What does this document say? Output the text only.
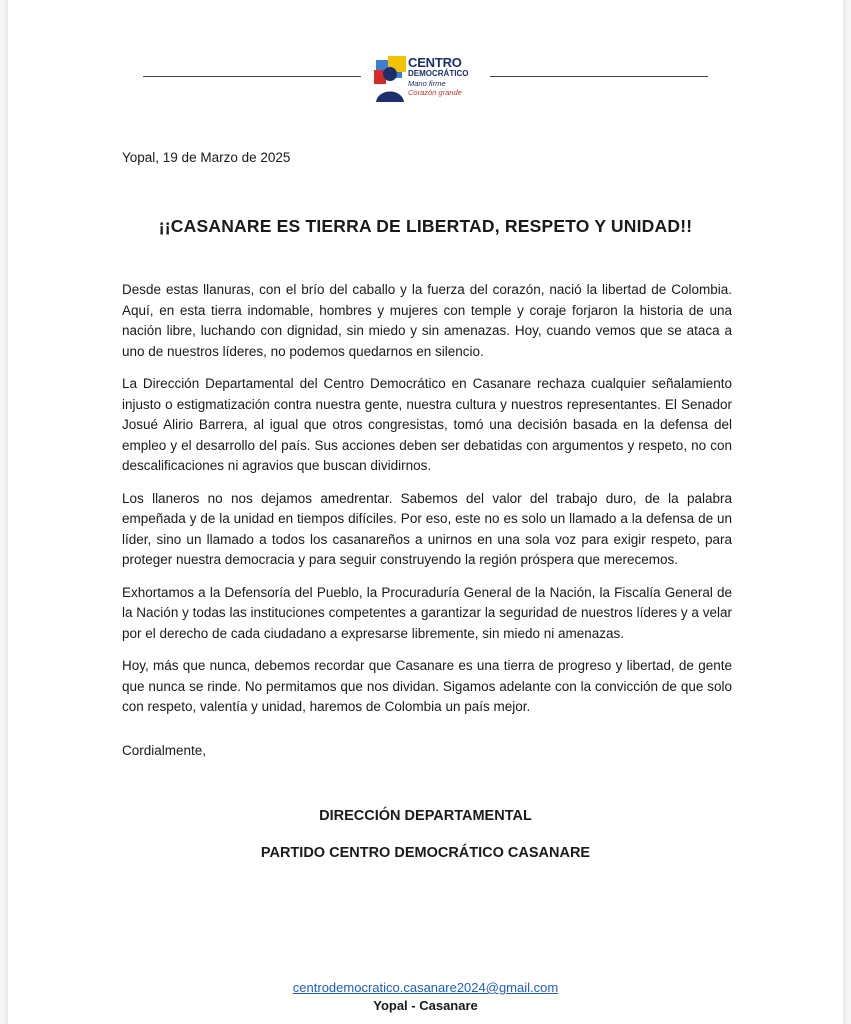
CENTRO
DEMOCRÁTICO
Mano firme
Corazón grande
Yopal, 19 de Marzo de 2025
¡¡CASANARE ES TIERRA DE LIBERTAD, RESPETO Y UNIDAD!!

Desde estas llanuras, con el brío del caballo y la fuerza del corazón, nació la libertad de Colombia. Aquí, en esta tierra indomable, hombres y mujeres con temple y coraje forjaron la historia de una nación libre, luchando con dignidad, sin miedo y sin amenazas. Hoy, cuando vemos que se ataca a uno de nuestros líderes, no podemos quedarnos en silencio.

La Dirección Departamental del Centro Democrático en Casanare rechaza cualquier señalamiento injusto o estigmatización contra nuestra gente, nuestra cultura y nuestros representantes. El Senador Josué Alirio Barrera, al igual que otros congresistas, tomó una decisión basada en la defensa del empleo y el desarrollo del país. Sus acciones deben ser debatidas con argumentos y respeto, no con descalificaciones ni agravios que buscan dividirnos.

Los llaneros no nos dejamos amedrentar. Sabemos del valor del trabajo duro, de la palabra empeñada y de la unidad en tiempos difíciles. Por eso, este no es solo un llamado a la defensa de un líder, sino un llamado a todos los casanareños a unirnos en una sola voz para exigir respeto, para proteger nuestra democracia y para seguir construyendo la región próspera que merecemos.

Exhortamos a la Defensoría del Pueblo, la Procuraduría General de la Nación, la Fiscalía General de la Nación y todas las instituciones competentes a garantizar la seguridad de nuestros líderes y a velar por el derecho de cada ciudadano a expresarse libremente, sin miedo ni amenazas.

Hoy, más que nunca, debemos recordar que Casanare es una tierra de progreso y libertad, de gente que nunca se rinde. No permitamos que nos dividan. Sigamos adelante con la convicción de que solo con respeto, valentía y unidad, haremos de Colombia un país mejor.

Cordialmente,
DIRECCIÓN DEPARTAMENTAL
PARTIDO CENTRO DEMOCRÁTICO CASANARE
centrodemocratico.casanare2024@gmail.com
Yopal - Casanare
